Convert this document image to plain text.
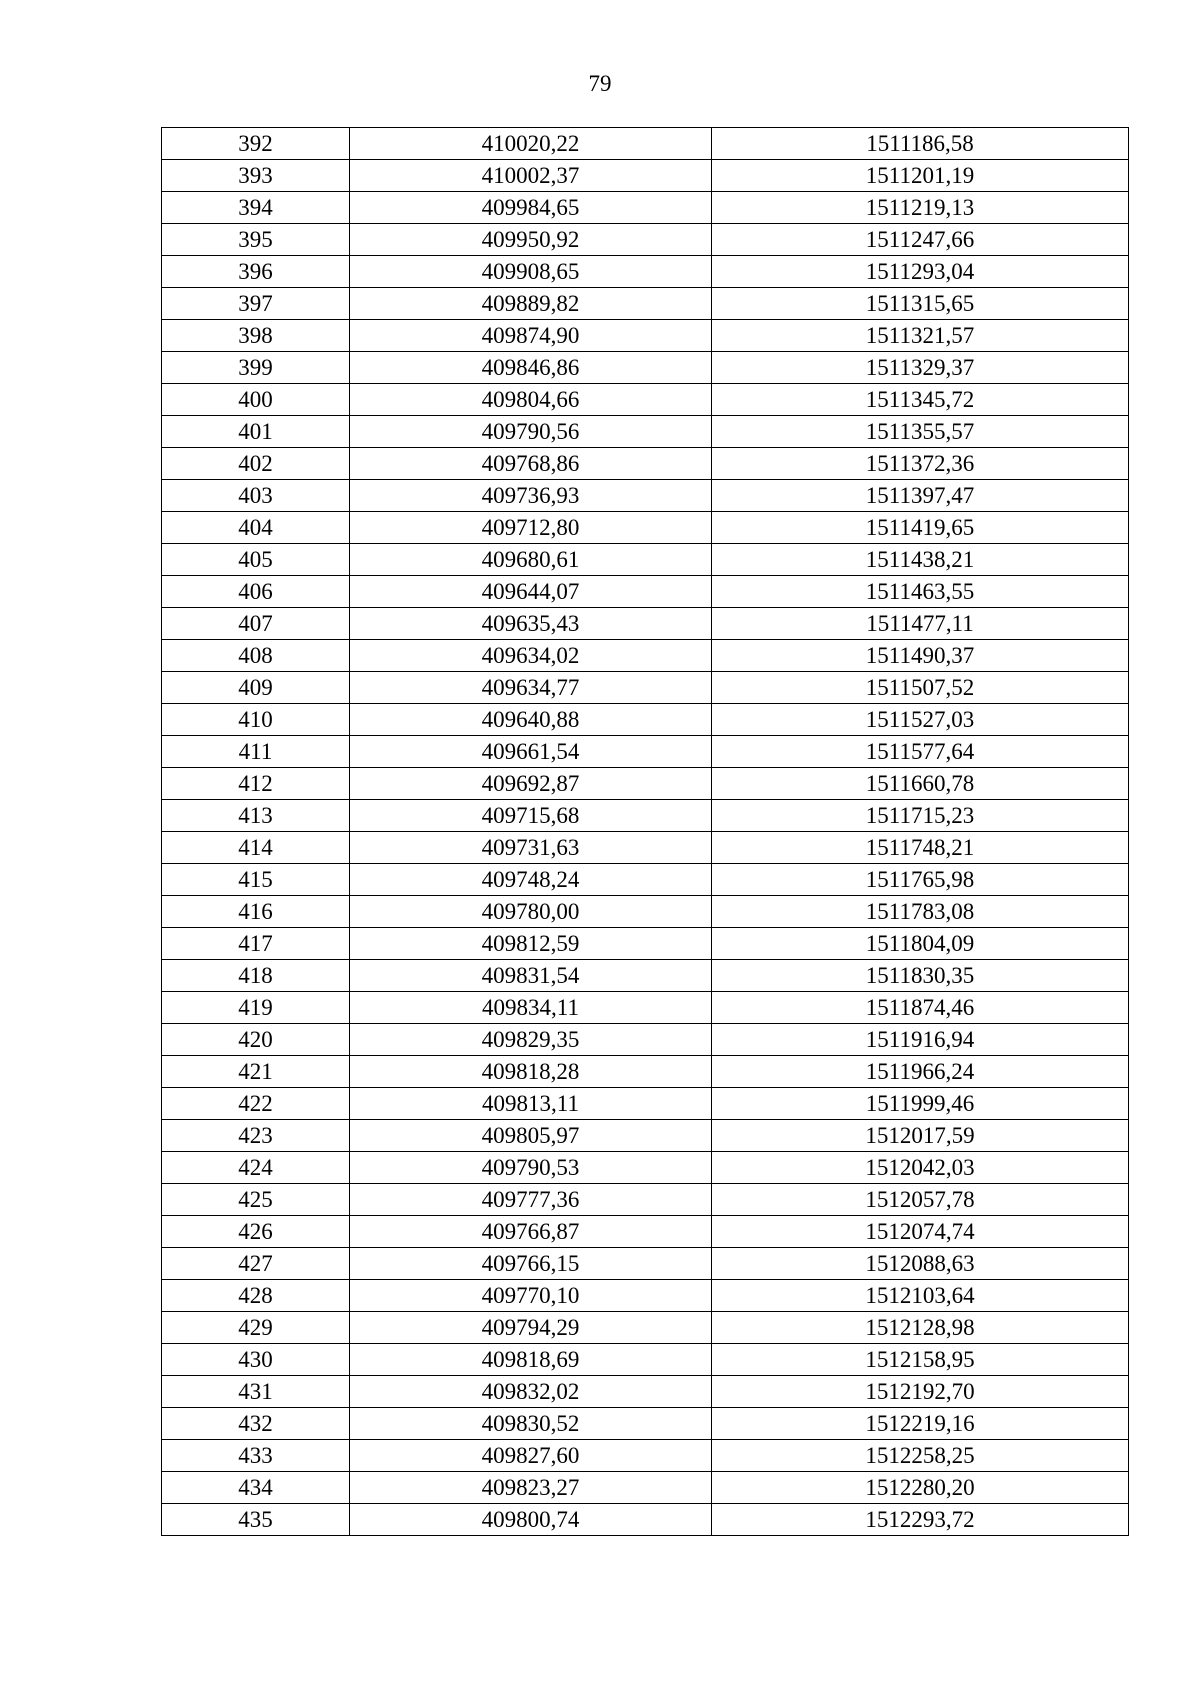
79
392	410020,22	1511186,58
393	410002,37	1511201,19
394	409984,65	1511219,13
395	409950,92	1511247,66
396	409908,65	1511293,04
397	409889,82	1511315,65
398	409874,90	1511321,57
399	409846,86	1511329,37
400	409804,66	1511345,72
401	409790,56	1511355,57
402	409768,86	1511372,36
403	409736,93	1511397,47
404	409712,80	1511419,65
405	409680,61	1511438,21
406	409644,07	1511463,55
407	409635,43	1511477,11
408	409634,02	1511490,37
409	409634,77	1511507,52
410	409640,88	1511527,03
411	409661,54	1511577,64
412	409692,87	1511660,78
413	409715,68	1511715,23
414	409731,63	1511748,21
415	409748,24	1511765,98
416	409780,00	1511783,08
417	409812,59	1511804,09
418	409831,54	1511830,35
419	409834,11	1511874,46
420	409829,35	1511916,94
421	409818,28	1511966,24
422	409813,11	1511999,46
423	409805,97	1512017,59
424	409790,53	1512042,03
425	409777,36	1512057,78
426	409766,87	1512074,74
427	409766,15	1512088,63
428	409770,10	1512103,64
429	409794,29	1512128,98
430	409818,69	1512158,95
431	409832,02	1512192,70
432	409830,52	1512219,16
433	409827,60	1512258,25
434	409823,27	1512280,20
435	409800,74	1512293,72
